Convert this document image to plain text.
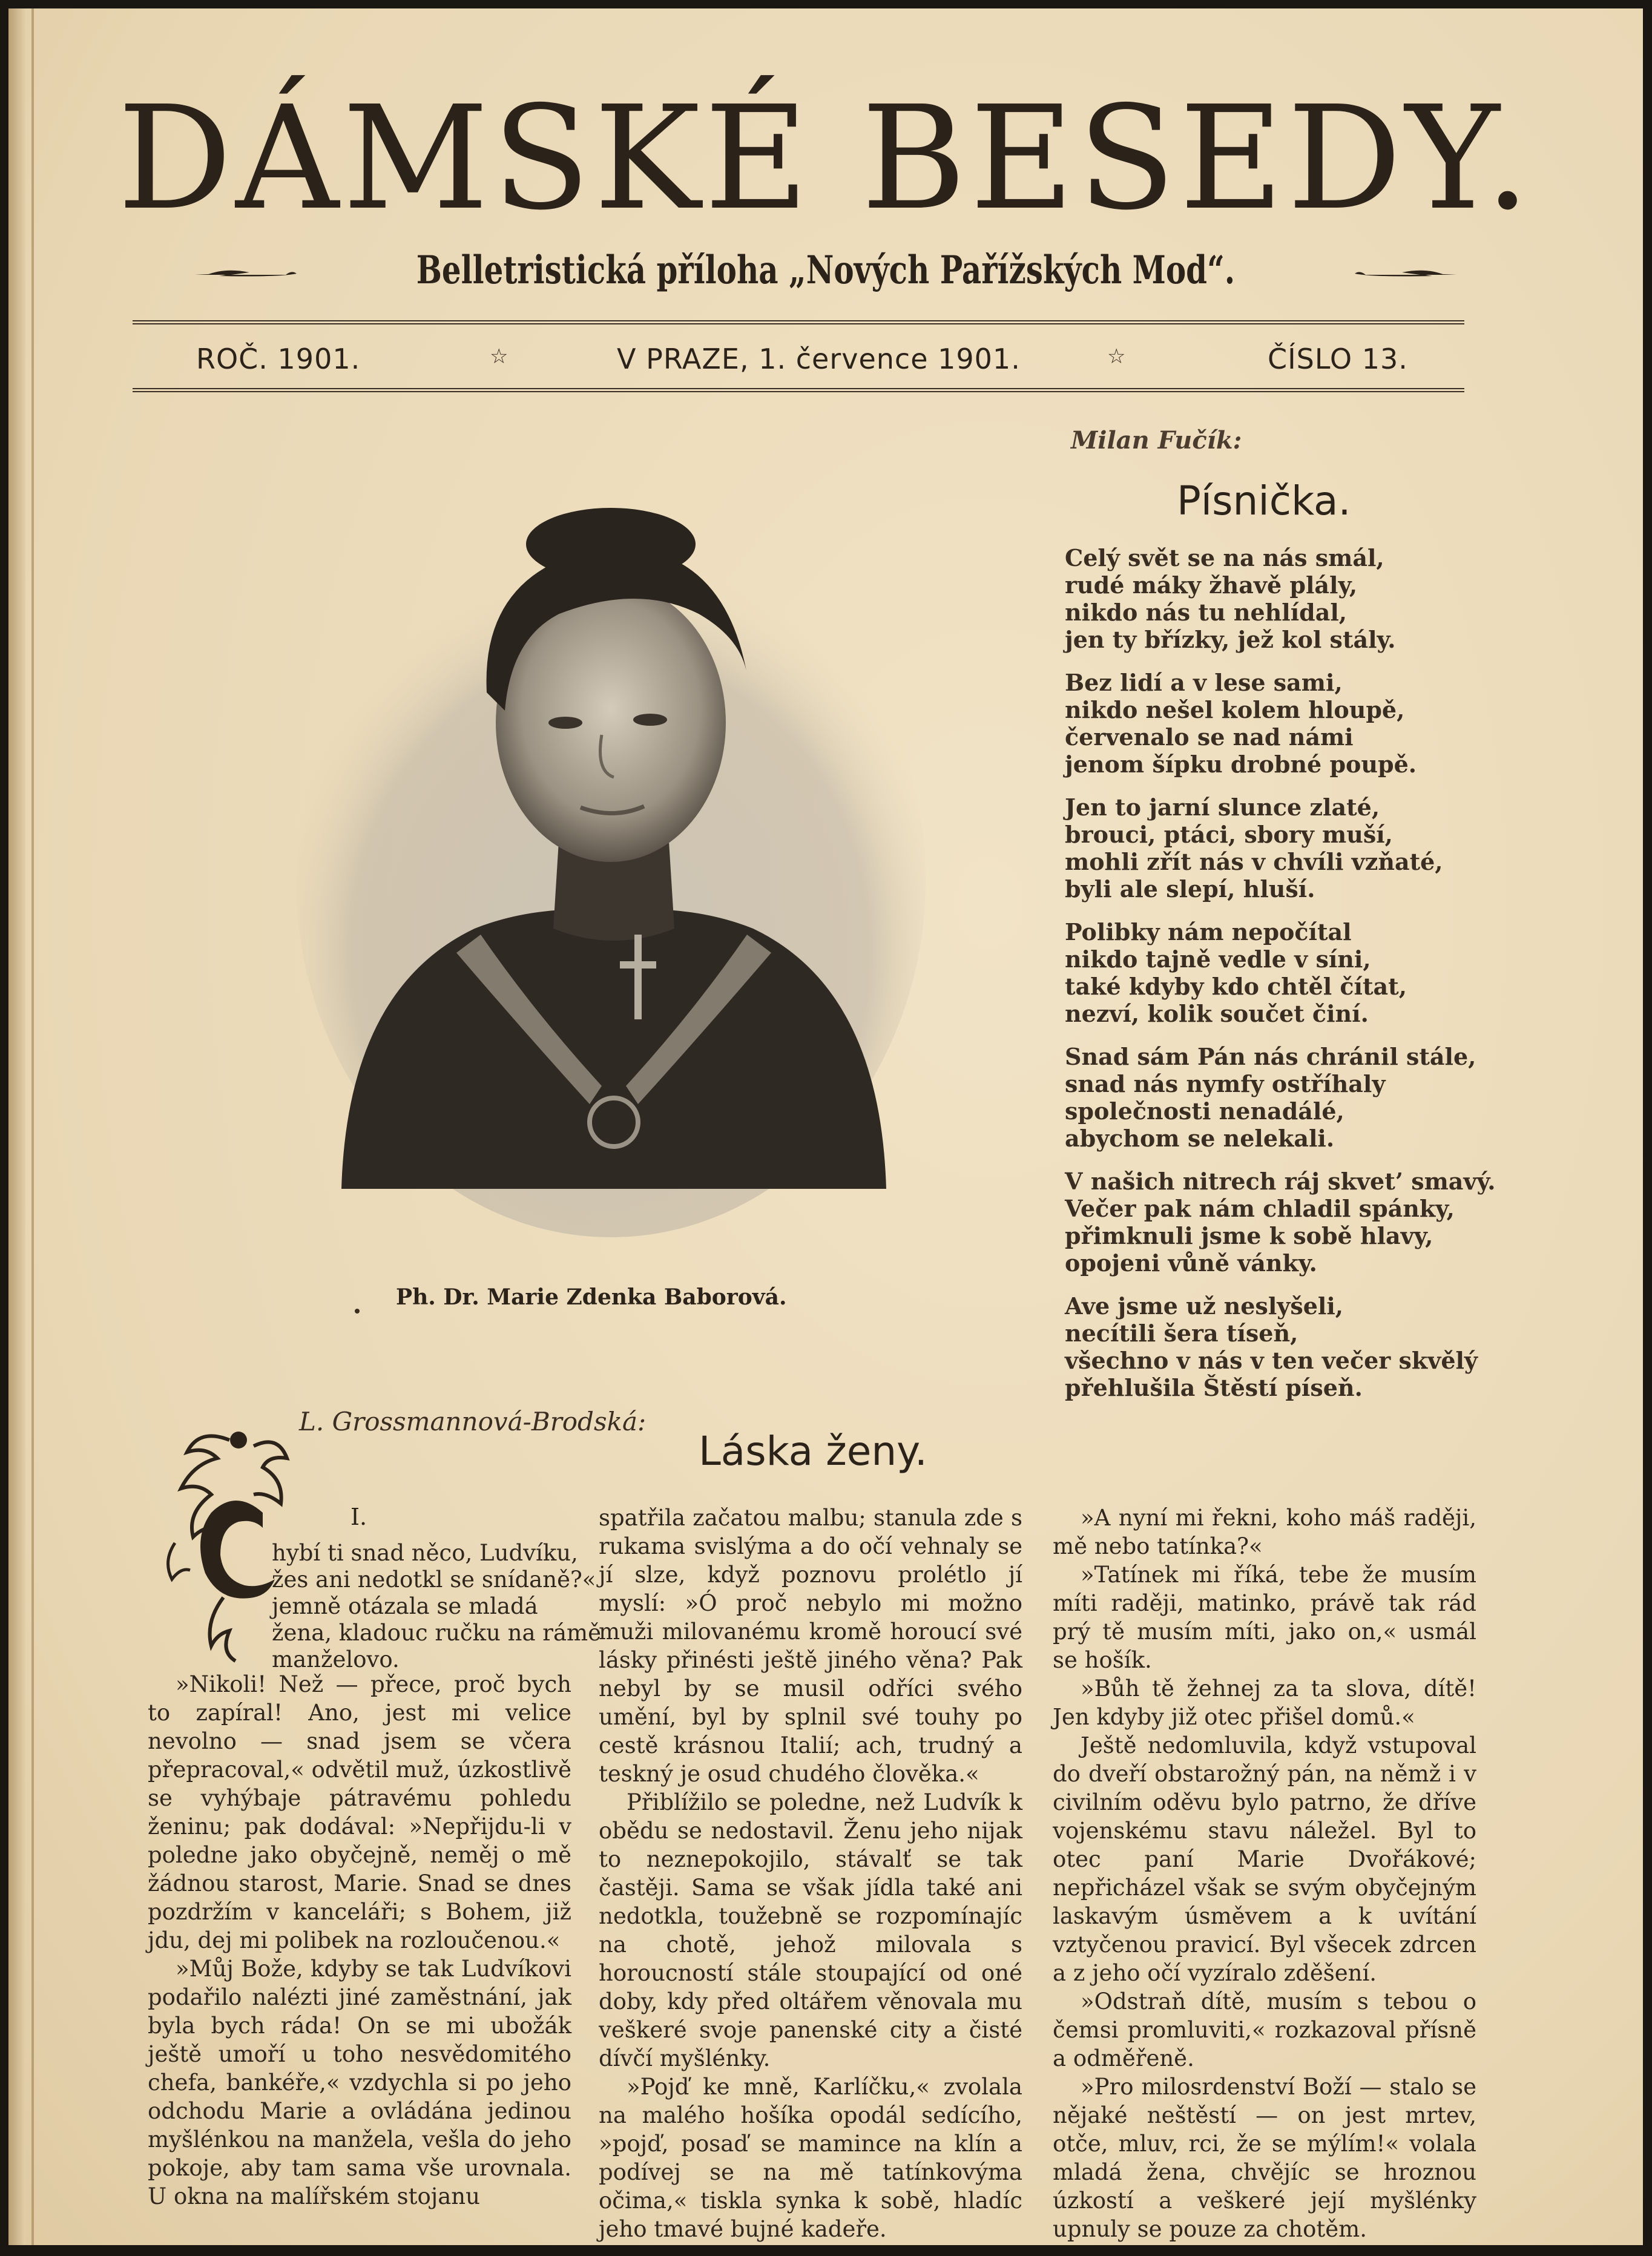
DÁMSKÉ BESEDY.
Belletristická příloha „Nových Pařížských Mod“.
ROČ. 1901.	☆	V PRAZE, 1. července 1901.	☆	ČÍSLO 13.
Ph. Dr. Marie Zdenka Baborová.
Milan Fučík:
Písnička.
Celý svět se na nás smál,
rudé máky žhavě plály,
nikdo nás tu nehlídal,
jen ty břízky, jež kol stály.
Bez lidí a v lese sami,
nikdo nešel kolem hloupě,
červenalo se nad námi
jenom šípku drobné poupě.
Jen to jarní slunce zlaté,
brouci, ptáci, sbory muší,
mohli zřít nás v chvíli vzňaté,
byli ale slepí, hluší.
Polibky nám nepočítal
nikdo tajně vedle v síni,
také kdyby kdo chtěl čítat,
nezví, kolik součet činí.
Snad sám Pán nás chránil stále,
snad nás nymfy ostříhaly
společnosti nenadálé,
abychom se nelekali.
V našich nitrech ráj skvet’ smavý.
Večer pak nám chladil spánky,
přimknuli jsme k sobě hlavy,
opojeni vůně vánky.
Ave jsme už neslyšeli,
necítili šera tíseň,
všechno v nás v ten večer skvělý
přehlušila Štěstí píseň.
L. Grossmannová-Brodská:
Láska ženy.
I.
hybí ti snad něco, Ludvíku,
žes ani nedotkl se snídaně?«
jemně otázala se mladá
žena, kladouc ručku na rámě
manželovo.

»Nikoli! Než — přece, proč bych to zapíral! Ano, jest mi velice nevolno — snad jsem se včera přepracoval,« odvětil muž, úzkostlivě se vyhýbaje pátravému pohledu ženinu; pak dodával: »Nepřijdu-li v poledne jako obyčejně, neměj o mě žádnou starost, Marie. Snad se dnes pozdržím v kanceláři; s Bohem, již jdu, dej mi polibek na rozloučenou.«

»Můj Bože, kdyby se tak Ludvíkovi podařilo nalézti jiné zaměstnání, jak byla bych ráda! On se mi ubožák ještě umoří u toho nesvědomitého chefa, bankéře,« vzdychla si po jeho odchodu Marie a ovládána jedinou myšlénkou na manžela, vešla do jeho pokoje, aby tam sama vše urovnala. U okna na malířském stojanu

spatřila začatou malbu; stanula zde s rukama svislýma a do očí vehnaly se jí slze, když poznovu prolétlo jí myslí: »Ó proč nebylo mi možno muži milovanému kromě horoucí své lásky přinésti ještě jiného věna? Pak nebyl by se musil odříci svého umění, byl by splnil své touhy po cestě krásnou Italií; ach, trudný a teskný je osud chudého člověka.«

Přiblížilo se poledne, než Ludvík k obědu se nedostavil. Ženu jeho nijak to neznepokojilo, stávalť se tak častěji. Sama se však jídla také ani nedotkla, toužebně se rozpomínajíc na chotě, jehož milovala s horoucností stále stoupající od oné doby, kdy před oltářem věnovala mu veškeré svoje panenské city a čisté dívčí myšlénky.

»Pojď ke mně, Karlíčku,« zvolala na malého hošíka opodál sedícího, »pojď, posaď se mamince na klín a podívej se na mě tatínkovýma očima,« tiskla synka k sobě, hladíc jeho tmavé bujné kadeře.

»A nyní mi řekni, koho máš raději, mě nebo tatínka?«

»Tatínek mi říká, tebe že musím míti raději, matinko, právě tak rád prý tě musím míti, jako on,« usmál se hošík.

»Bůh tě žehnej za ta slova, dítě! Jen kdyby již otec přišel domů.«

Ještě nedomluvila, když vstupoval do dveří obstarožný pán, na němž i v civilním oděvu bylo patrno, že dříve vojenskému stavu náležel. Byl to otec paní Marie Dvořákové; nepřicházel však se svým obyčejným laskavým úsměvem a k uvítání vztyčenou pravicí. Byl všecek zdrcen a z jeho očí vyzíralo zděšení.

»Odstraň dítě, musím s tebou o čemsi promluviti,« rozkazoval přísně a odměřeně.

»Pro milosrdenství Boží — stalo se nějaké neštěstí — on jest mrtev, otče, mluv, rci, že se mýlím!« volala mladá žena, chvějíc se hroznou úzkostí a veškeré její myšlénky upnuly se pouze za chotěm.
